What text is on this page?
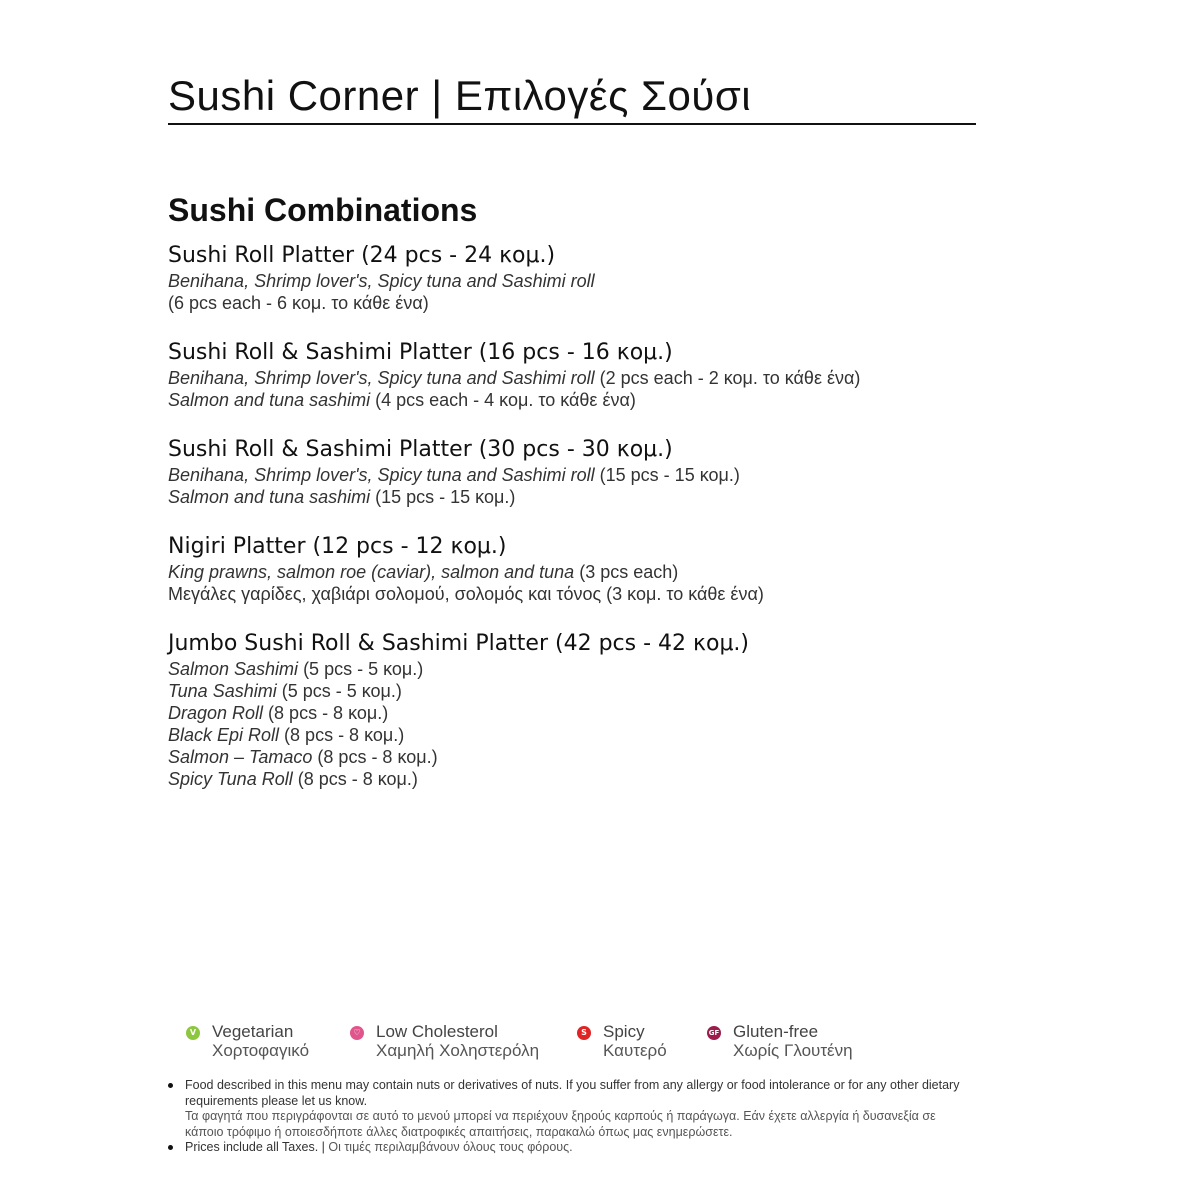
Sushi Corner | Επιλογές Σούσι
Sushi Combinations
Sushi Roll Platter (24 pcs - 24 κομ.)
Benihana, Shrimp lover's, Spicy tuna and Sashimi roll
(6 pcs each - 6 κομ. το κάθε ένα)
Sushi Roll & Sashimi Platter (16 pcs - 16 κομ.)
Benihana, Shrimp lover's, Spicy tuna and Sashimi roll (2 pcs each - 2 κομ. το κάθε ένα)
Salmon and tuna sashimi (4 pcs each - 4 κομ. το κάθε ένα)
Sushi Roll & Sashimi Platter (30 pcs - 30 κομ.)
Benihana, Shrimp lover's, Spicy tuna and Sashimi roll (15 pcs - 15 κομ.)
Salmon and tuna sashimi (15 pcs - 15 κομ.)
Nigiri Platter (12 pcs - 12 κομ.)
King prawns, salmon roe (caviar), salmon and tuna (3 pcs each)
Μεγάλες γαρίδες, χαβιάρι σολομού, σολομός και τόνος (3 κομ. το κάθε ένα)
Jumbo Sushi Roll & Sashimi Platter (42 pcs - 42 κομ.)
Salmon Sashimi (5 pcs - 5 κομ.)
Tuna Sashimi (5 pcs - 5 κομ.)
Dragon Roll (8 pcs - 8 κομ.)
Black Epi Roll (8 pcs - 8 κομ.)
Salmon – Tamaco (8 pcs - 8 κομ.)
Spicy Tuna Roll (8 pcs - 8 κομ.)
V Vegetarian
Χορτοφαγικό
♡ Low Cholesterol
Χαμηλή Χοληστερόλη
S Spicy
Καυτερό
GF Gluten-free
Χωρίς Γλουτένη
Food described in this menu may contain nuts or derivatives of nuts. If you suffer from any allergy or food intolerance or for any other dietary requirements please let us know.
Τα φαγητά που περιγράφονται σε αυτό το μενού μπορεί να περιέχουν ξηρούς καρπούς ή παράγωγα. Εάν έχετε αλλεργία ή δυσανεξία σε κάποιο τρόφιμο ή οποιεσδήποτε άλλες διατροφικές απαιτήσεις, παρακαλώ όπως μας ενημερώσετε.
Prices include all Taxes. | Οι τιμές περιλαμβάνουν όλους τους φόρους.
